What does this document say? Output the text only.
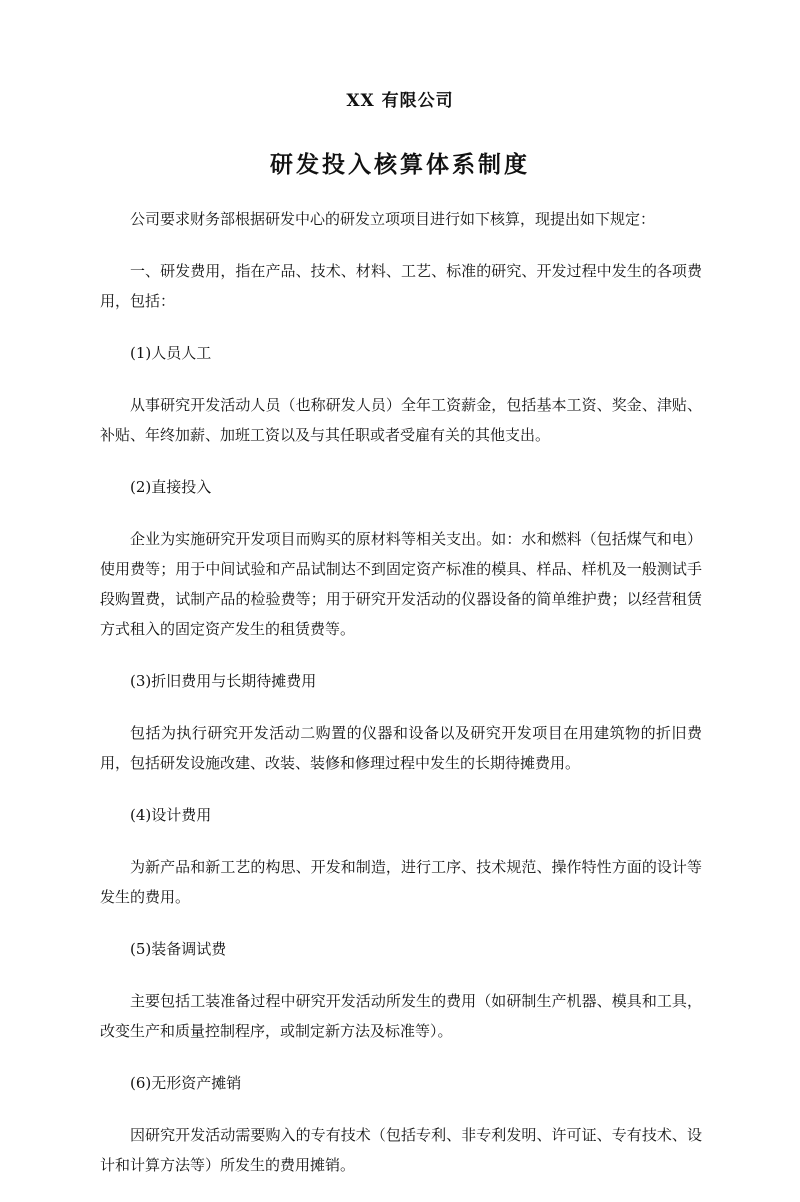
XX 有限公司
研发投入核算体系制度

公司要求财务部根据研发中心的研发立项项目进行如下核算，现提出如下规定：

一、研发费用，指在产品、技术、材料、工艺、标准的研究、开发过程中发生的各项费用，包括：

(1)人员人工

从事研究开发活动人员（也称研发人员）全年工资薪金，包括基本工资、奖金、津贴、补贴、年终加薪、加班工资以及与其任职或者受雇有关的其他支出。

(2)直接投入

企业为实施研究开发项目而购买的原材料等相关支出。如：水和燃料（包括煤气和电）使用费等；用于中间试验和产品试制达不到固定资产标准的模具、样品、样机及一般测试手段购置费，试制产品的检验费等；用于研究开发活动的仪器设备的简单维护费；以经营租赁方式租入的固定资产发生的租赁费等。

(3)折旧费用与长期待摊费用

包括为执行研究开发活动二购置的仪器和设备以及研究开发项目在用建筑物的折旧费用，包括研发设施改建、改装、装修和修理过程中发生的长期待摊费用。

(4)设计费用

为新产品和新工艺的构思、开发和制造，进行工序、技术规范、操作特性方面的设计等发生的费用。

(5)装备调试费

主要包括工装准备过程中研究开发活动所发生的费用（如研制生产机器、模具和工具，改变生产和质量控制程序，或制定新方法及标准等）。

(6)无形资产摊销

因研究开发活动需要购入的专有技术（包括专利、非专利发明、许可证、专有技术、设计和计算方法等）所发生的费用摊销。
